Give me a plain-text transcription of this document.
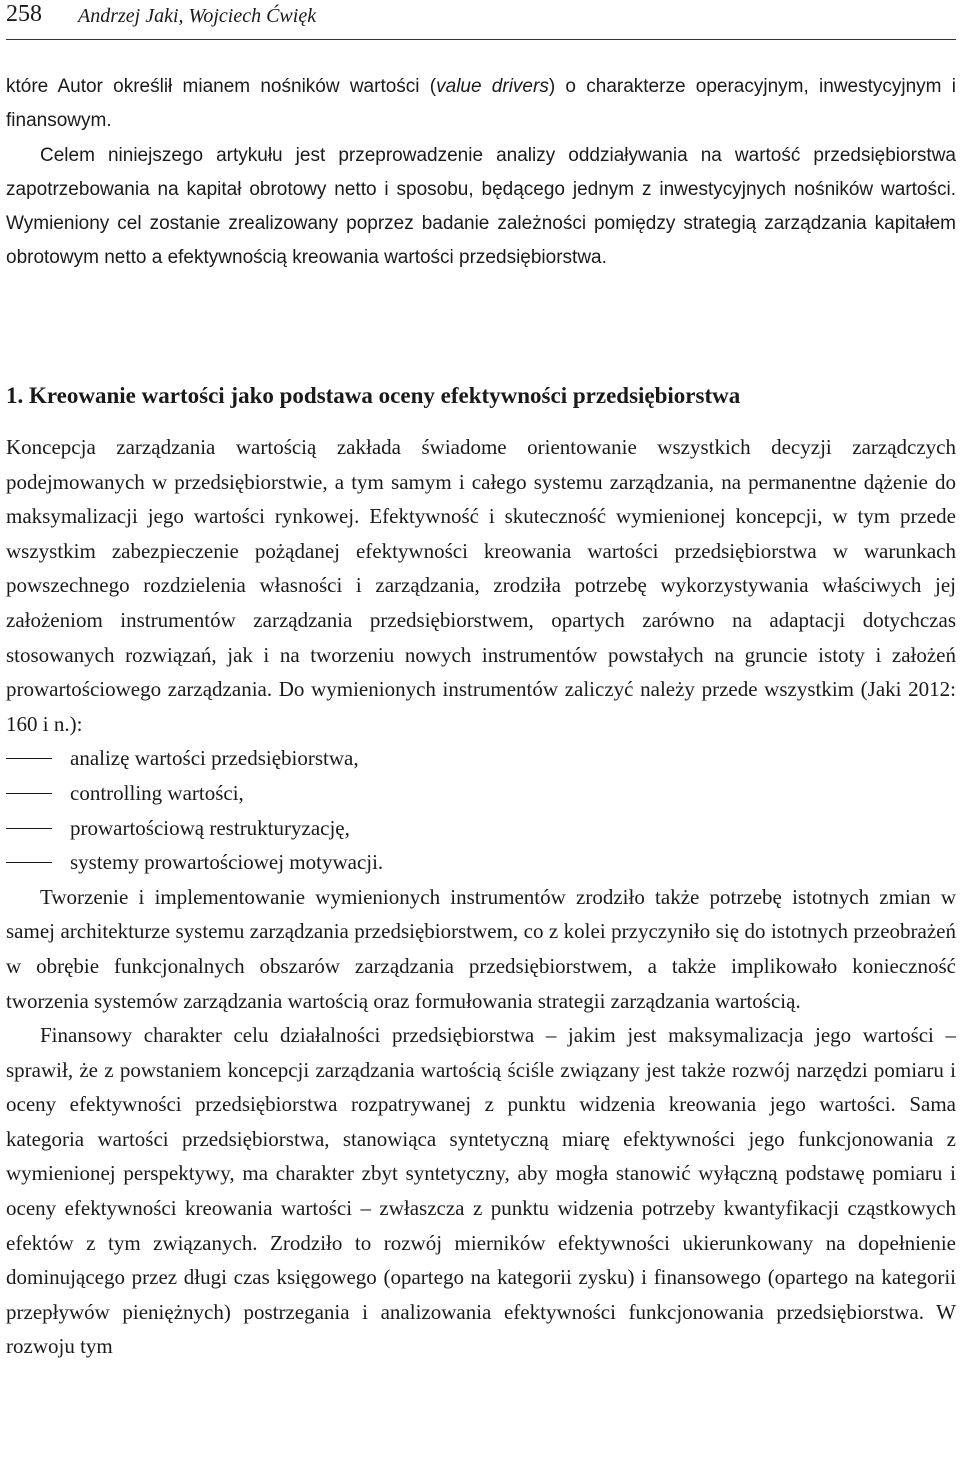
258 Andrzej Jaki, Wojciech Ćwięk

które Autor określił mianem nośników wartości (value drivers) o charakterze operacyjnym, inwestycyjnym i finansowym.

Celem niniejszego artykułu jest przeprowadzenie analizy oddziaływania na wartość przedsiębiorstwa zapotrzebowania na kapitał obrotowy netto i sposobu, będącego jednym z inwestycyjnych nośników wartości. Wymieniony cel zostanie zrealizowany poprzez badanie zależności pomiędzy strategią zarządzania kapitałem obrotowym netto a efektywnością kreowania wartości przedsiębiorstwa.

1. Kreowanie wartości jako podstawa oceny efektywności przedsiębiorstwa

Koncepcja zarządzania wartością zakłada świadome orientowanie wszystkich decyzji zarządczych podejmowanych w przedsiębiorstwie, a tym samym i całego systemu zarządzania, na permanentne dążenie do maksymalizacji jego wartości rynkowej. Efektywność i skuteczność wymienionej koncepcji, w tym przede wszystkim zabezpieczenie pożądanej efektywności kreowania wartości przedsiębiorstwa w warunkach powszechnego rozdzielenia własności i zarządzania, zrodziła potrzebę wykorzystywania właściwych jej założeniom instrumentów zarządzania przedsiębiorstwem, opartych zarówno na adaptacji dotychczas stosowanych rozwiązań, jak i na tworzeniu nowych instrumentów powstałych na gruncie istoty i założeń prowartościowego zarządzania. Do wymienionych instrumentów zaliczyć należy przede wszystkim (Jaki 2012: 160 i n.):

analizę wartości przedsiębiorstwa,
controlling wartości,
prowartościową restrukturyzację,
systemy prowartościowej motywacji.

Tworzenie i implementowanie wymienionych instrumentów zrodziło także potrzebę istotnych zmian w samej architekturze systemu zarządzania przedsiębiorstwem, co z kolei przyczyniło się do istotnych przeobrażeń w obrębie funkcjonalnych obszarów zarządzania przedsiębiorstwem, a także implikowało konieczność tworzenia systemów zarządzania wartością oraz formułowania strategii zarządzania wartością.

Finansowy charakter celu działalności przedsiębiorstwa – jakim jest maksymalizacja jego wartości – sprawił, że z powstaniem koncepcji zarządzania wartością ściśle związany jest także rozwój narzędzi pomiaru i oceny efektywności przedsiębiorstwa rozpatrywanej z punktu widzenia kreowania jego wartości. Sama kategoria wartości przedsiębiorstwa, stanowiąca syntetyczną miarę efektywności jego funkcjonowania z wymienionej perspektywy, ma charakter zbyt syntetyczny, aby mogła stanowić wyłączną podstawę pomiaru i oceny efektywności kreowania wartości – zwłaszcza z punktu widzenia potrzeby kwantyfikacji cząstkowych efektów z tym związanych. Zrodziło to rozwój mierników efektywności ukierunkowany na dopełnienie dominującego przez długi czas księgowego (opartego na kategorii zysku) i finansowego (opartego na kategorii przepływów pieniężnych) postrzegania i analizowania efektywności funkcjonowania przedsiębiorstwa. W rozwoju tym
